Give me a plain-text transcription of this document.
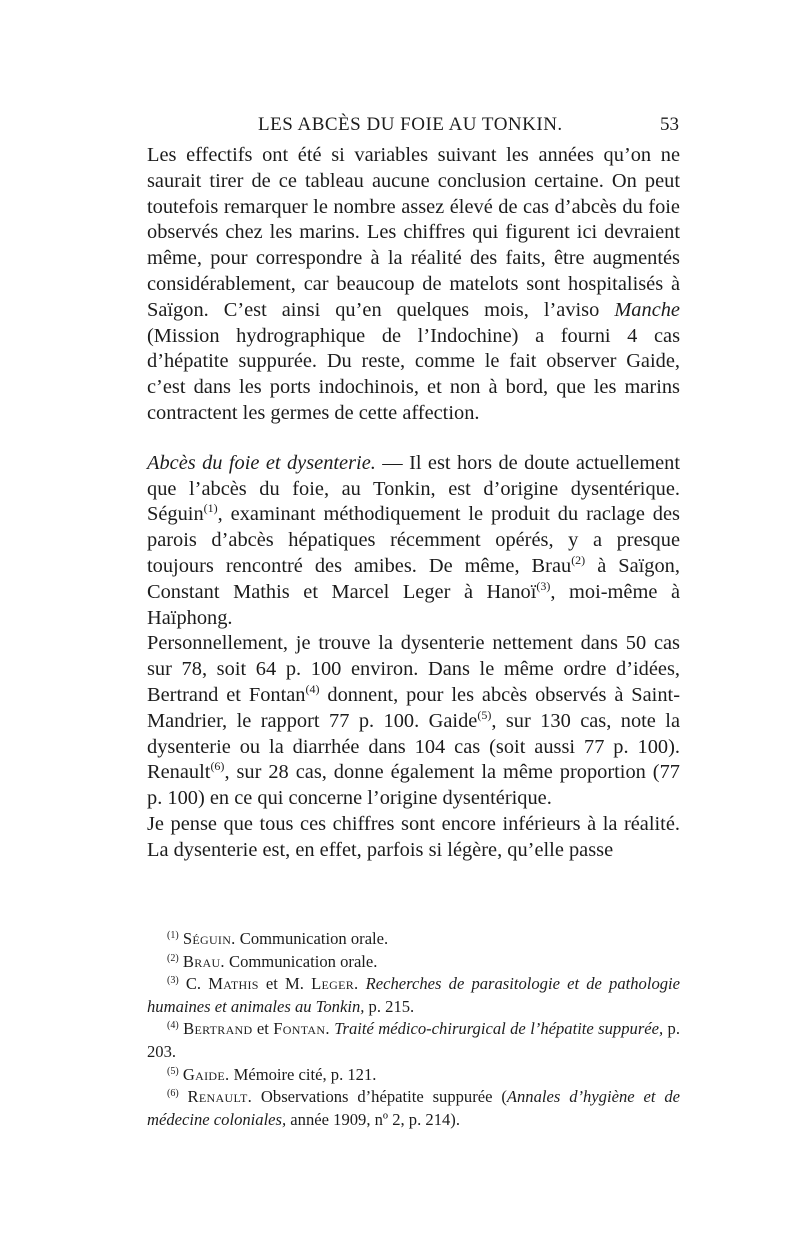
LES ABCÈS DU FOIE AU TONKIN.	53

Les effectifs ont été si variables suivant les années qu’on ne
saurait tirer de ce tableau aucune conclusion certaine. On peut toutefois remarquer le nombre assez élevé de cas d’abcès du foie observés chez les marins. Les chiffres qui figurent ici devraient même, pour correspondre à la réalité des faits, être augmentés considérablement, car beaucoup de matelots sont hospitalisés à Saïgon. C’est ainsi qu’en quelques mois, l’aviso Manche (Mission hydrographique de l’Indochine) a fourni 4 cas d’hépatite suppurée. Du reste, comme le fait observer Gaide, c’est dans les ports indochinois, et non à bord, que les marins contractent les germes de cette affection.

Abcès du foie et dysenterie. — Il est hors de doute actuellement que l’abcès du foie, au Tonkin, est d’origine dysentérique. Séguin$^{(1)}$, examinant méthodiquement le produit du raclage des parois d’abcès hépatiques récemment opérés, y a presque toujours rencontré des amibes. De même, Brau$^{(2)}$ à Saïgon, Constant Mathis et Marcel Leger à Hanoï$^{(3)}$, moi-même à Haïphong.

Personnellement, je trouve la dysenterie nettement dans 50 cas sur 78, soit 64 p. 100 environ. Dans le même ordre d’idées, Bertrand et Fontan$^{(4)}$ donnent, pour les abcès observés à Saint-Mandrier, le rapport 77 p. 100. Gaide$^{(5)}$, sur 130 cas, note la dysenterie ou la diarrhée dans 104 cas (soit aussi 77 p. 100). Renault$^{(6)}$, sur 28 cas, donne également la même proportion (77 p. 100) en ce qui concerne l’origine dysentérique.

Je pense que tous ces chiffres sont encore inférieurs à la réalité. La dysenterie est, en effet, parfois si légère, qu’elle passe

$^{(1)}$ Séguin. Communication orale.

$^{(2)}$ Brau. Communication orale.

$^{(3)}$ C. Mathis et M. Leger. Recherches de parasitologie et de pathologie humaines et animales au Tonkin, p. 215.

$^{(4)}$ Bertrand et Fontan. Traité médico-chirurgical de l’hépatite suppurée, p. 203.

$^{(5)}$ Gaide. Mémoire cité, p. 121.

$^{(6)}$ Renault. Observations d’hépatite suppurée (Annales d’hygiène et de médecine coloniales, année 1909, nº 2, p. 214).
